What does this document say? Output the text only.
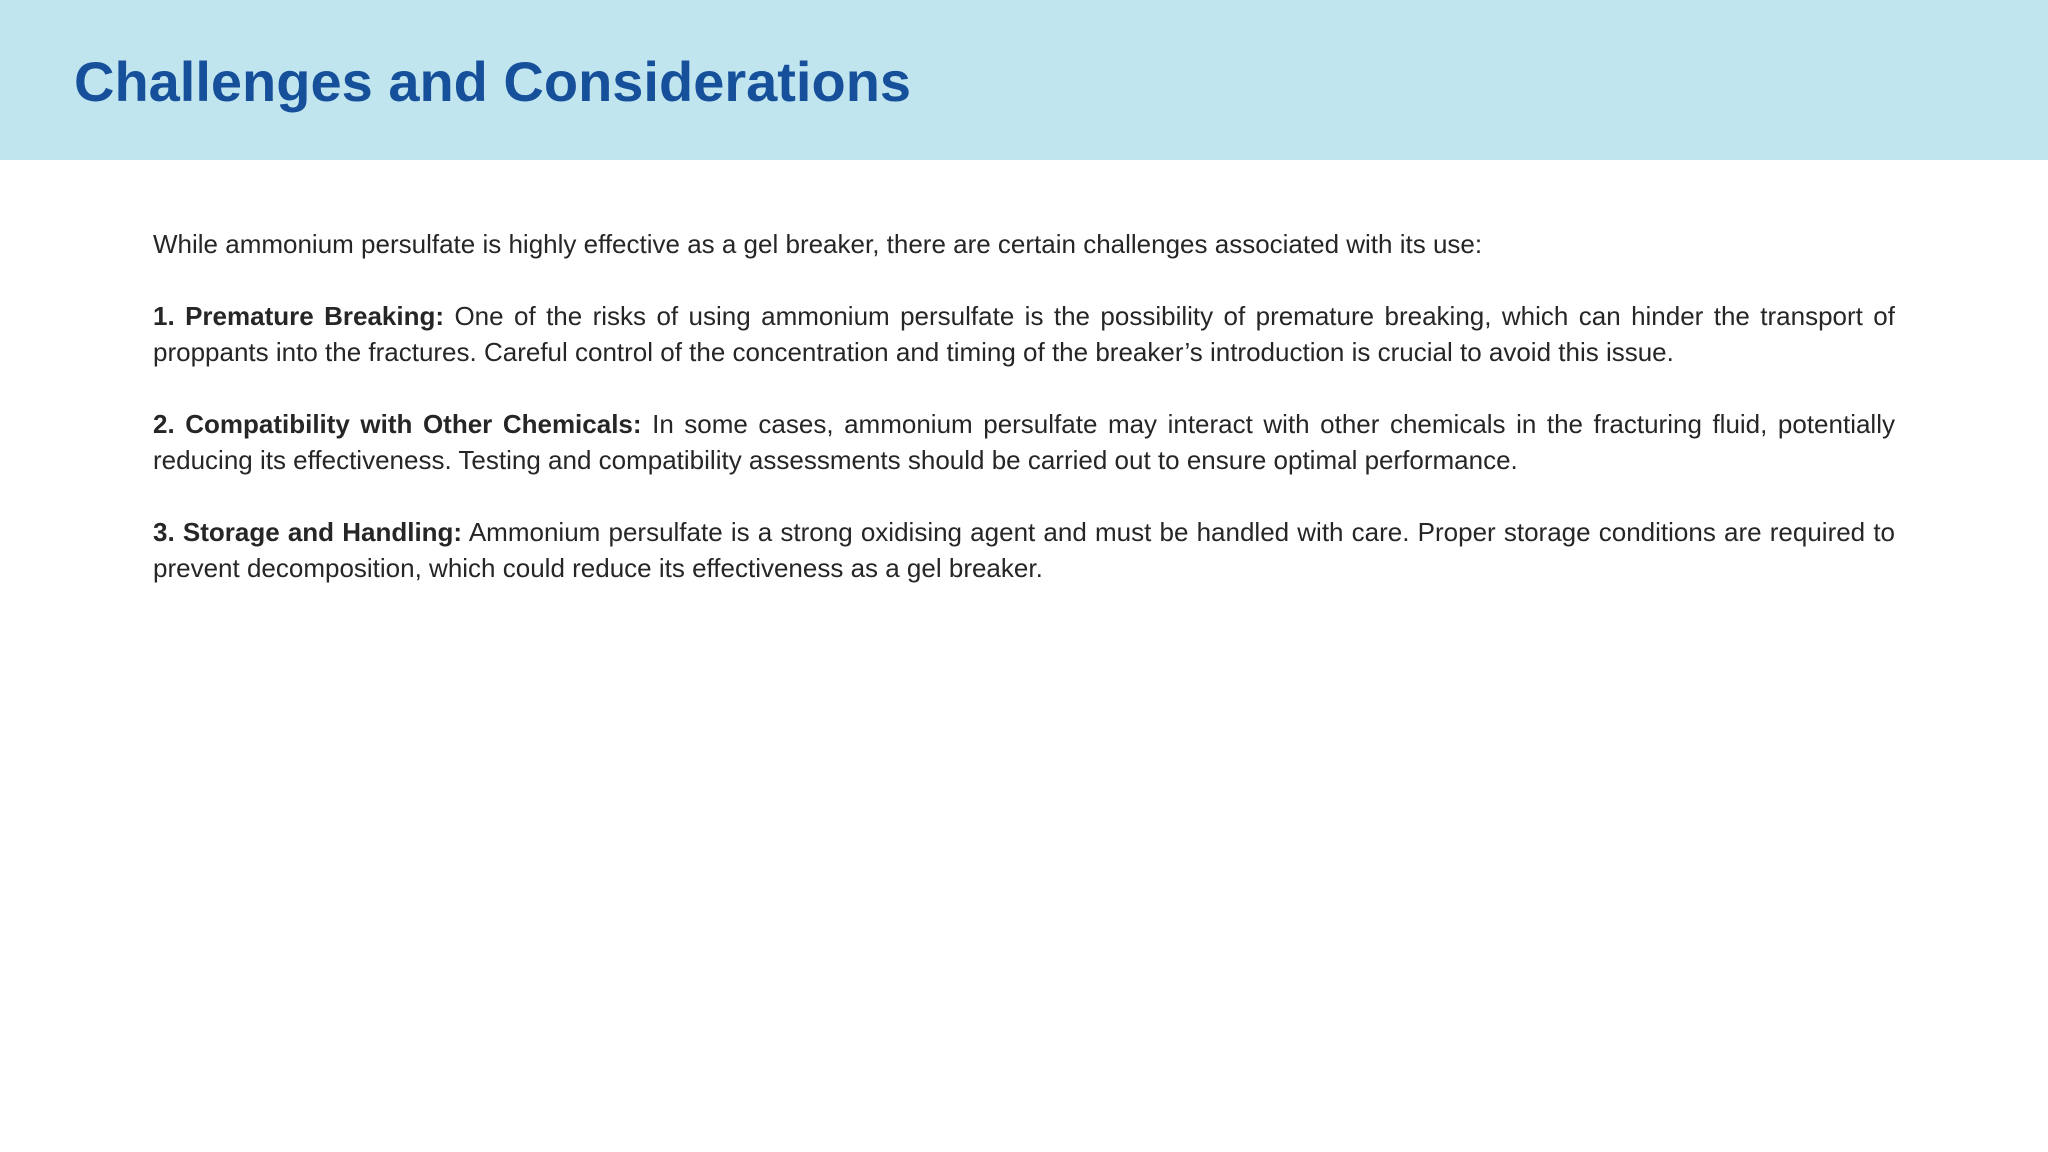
Challenges and Considerations

While ammonium persulfate is highly effective as a gel breaker, there are certain challenges associated with its use:

1. Premature Breaking: One of the risks of using ammonium persulfate is the possibility of premature breaking, which can hinder the transport of proppants into the fractures. Careful control of the concentration and timing of the breaker’s introduction is crucial to avoid this issue.

2. Compatibility with Other Chemicals: In some cases, ammonium persulfate may interact with other chemicals in the fracturing fluid, potentially reducing its effectiveness. Testing and compatibility assessments should be carried out to ensure optimal performance.

3. Storage and Handling: Ammonium persulfate is a strong oxidising agent and must be handled with care. Proper storage conditions are required to prevent decomposition, which could reduce its effectiveness as a gel breaker.
